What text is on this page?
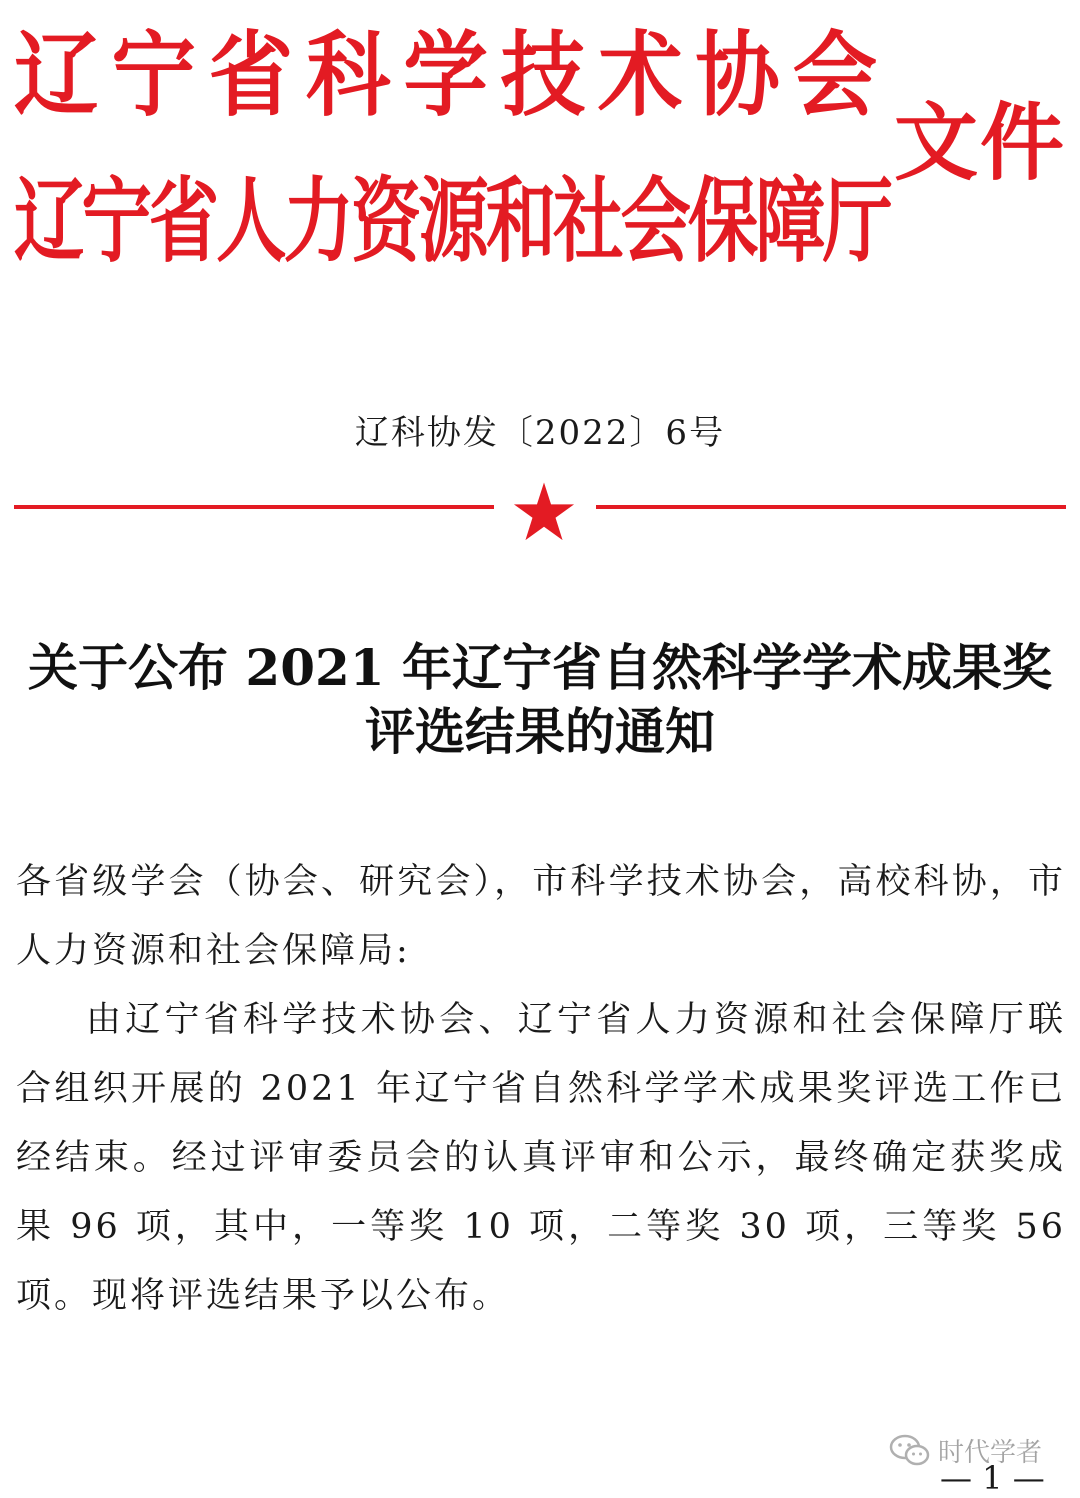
辽宁省科学技术协会
辽宁省人力资源和社会保障厅
文件
辽科协发〔2022〕6号
关于公布 2021 年辽宁省自然科学学术成果奖
评选结果的通知

各省级学会（协会、研究会），市科学技术协会，高校科协，市人力资源和社会保障局:

由辽宁省科学技术协会、辽宁省人力资源和社会保障厅联合组织开展的 2021 年辽宁省自然科学学术成果奖评选工作已经结束。经过评审委员会的认真评审和公示，最终确定获奖成果 96 项，其中，一等奖 10 项，二等奖 30 项，三等奖 56 项。现将评选结果予以公布。

时代学者
— 1 —
